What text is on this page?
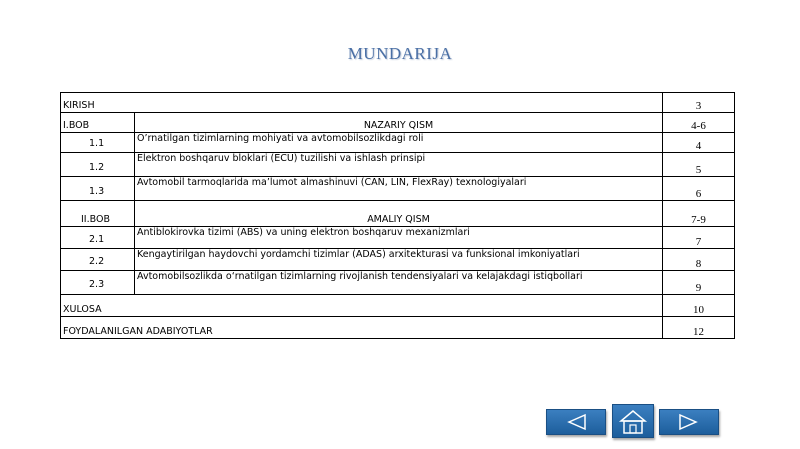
MUNDARIJA
KIRISH		3
I.BOB	NAZARIY QISM	4-6

1.1	O’rnatilgan tizimlarning mohiyati va avtomobilsozlikdagi roli	4

1.2	Elektron boshqaruv bloklari (ECU) tuzilishi va ishlash prinsipi	5

1.3	Avtomobil tarmoqlarida ma’lumot almashinuvi (CAN, LIN, FlexRay) texnologiyalari	6
II.BOB	AMALIY QISM	7-9

2.1	Antiblokirovka tizimi (ABS) va uning elektron boshqaruv mexanizmlari	7

2.2	Kengaytirilgan haydovchi yordamchi tizimlar (ADAS) arxitekturasi va funksional imkoniyatlari	8

2.3	Avtomobilsozlikda o‘rnatilgan tizimlarning rivojlanish tendensiyalari va kelajakdagi istiqbollari	9
XULOSA		10
FOYDALANILGAN ADABIYOTLAR		12
